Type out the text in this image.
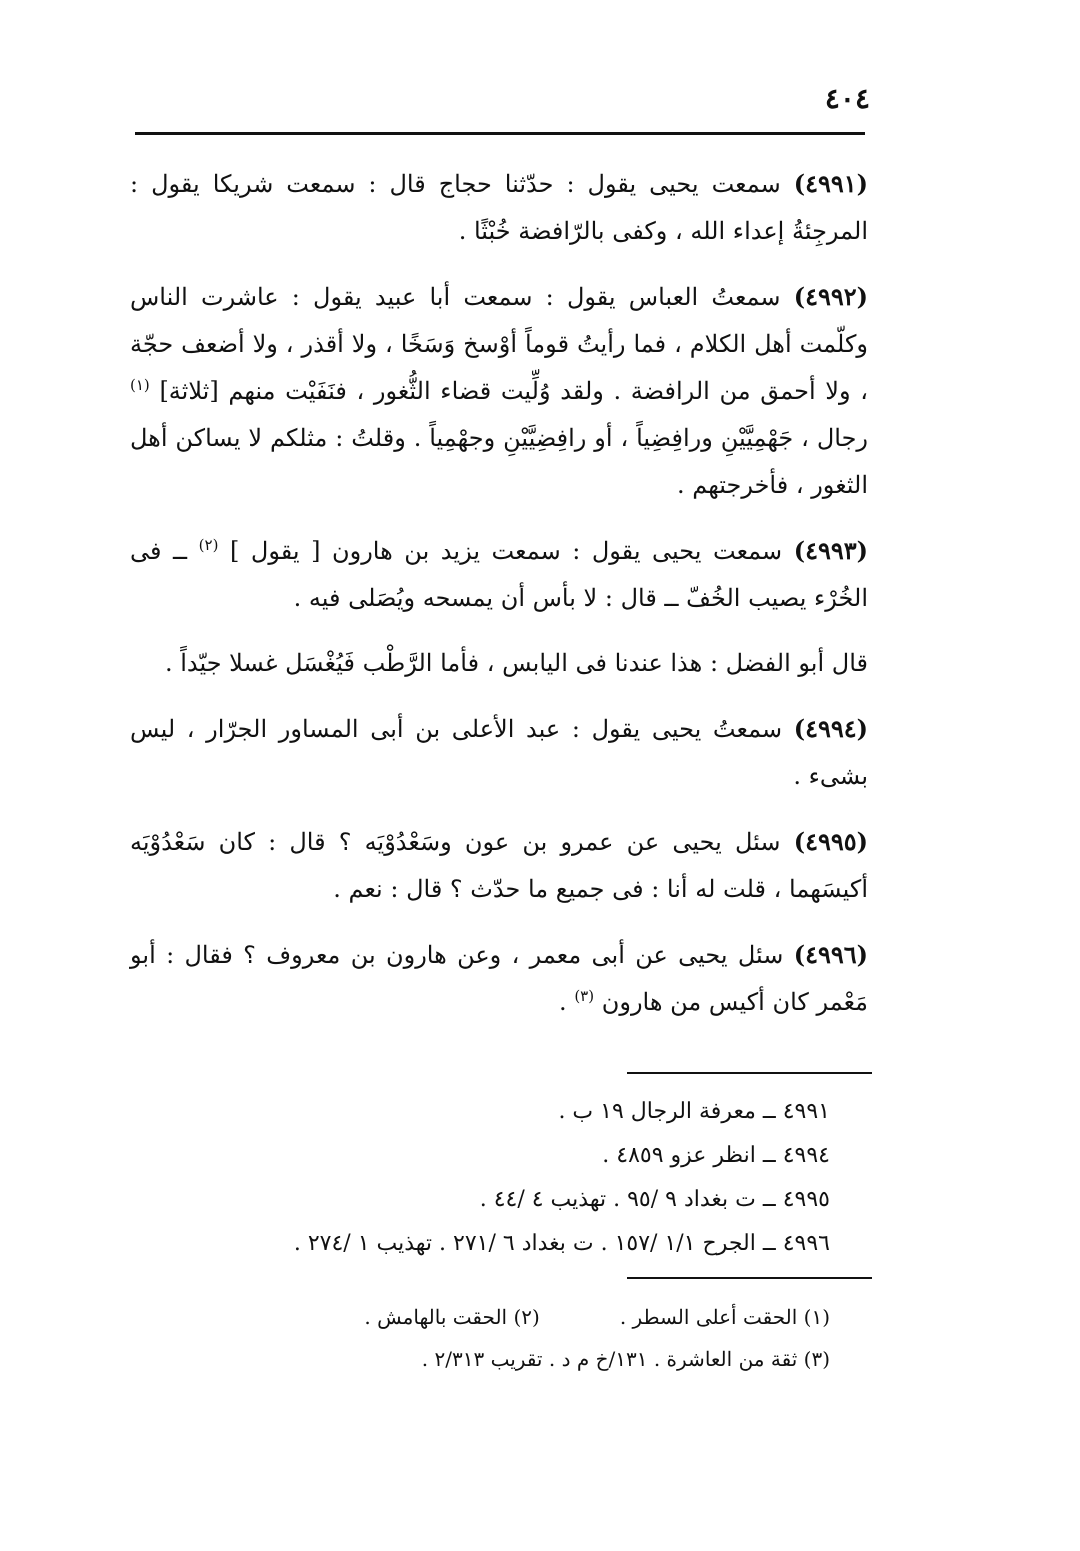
٤٠٤

(٤٩٩١) سمعت يحيى يقول : حدّثنا حجاج قال : سمعت شريكا يقول : المرجِئةُ إعداء الله ، وكفى بالرّافضة خُبْثًا .

(٤٩٩٢) سمعتُ العباس يقول : سمعت أبا عبيد يقول : عاشرت الناس وكلّمت أهل الكلام ، فما رأيتُ قوماً أوْسخ وَسَخًا ، ولا أقذر ، ولا أضعف حجّة ، ولا أحمق من الرافضة . ولقد وُلِّيت قضاء الثُّغور ، فنَفَيْت منهم [ثلاثة] $^{(١)}$ رجال ، جَهْمِيَّيْنِ ورافِضِياً ، أو رافِضِيَّيْنِ وجهْمِياً . وقلتُ : مثلكم لا يساكن أهل الثغور ، فأخرجتهم .

(٤٩٩٣) سمعت يحيى يقول : سمعت يزيد بن هارون [ يقول ] $^{(٢)}$ ــ فى الخُرْء يصيب الخُفّ ــ قال : لا بأس أن يمسحه ويُصَلى فيه .

قال أبو الفضل : هذا عندنا فى اليابس ، فأما الرَّطْب فَيُغْسَل غسلا جيّداً .

(٤٩٩٤) سمعتُ يحيى يقول : عبد الأعلى بن أبى المساور الجرّار ، ليس بشىء .

(٤٩٩٥) سئل يحيى عن عمرو بن عون وسَعْدُوْيَه ؟ قال : كان سَعْدُوْيَه أكيسَهما ، قلت له أنا : فى جميع ما حدّث ؟ قال : نعم .

(٤٩٩٦) سئل يحيى عن أبى معمر ، وعن هارون بن معروف ؟ فقال : أبو مَعْمر كان أكيس من هارون $^{(٣)}$ .

٤٩٩١ ــ معرفة الرجال ١٩ ب .
٤٩٩٤ ــ انظر عزو ٤٨٥٩ .
٤٩٩٥ ــ ت بغداد ٩ /٩٥ . تهذيب ٤ /٤٤ .
٤٩٩٦ ــ الجرح ١/١ /١٥٧ . ت بغداد ٦ /٢٧١ . تهذيب ١ /٢٧٤ .
(١) الحقت أعلى السطر .
(٢) الحقت بالهامش .
(٣) ثقة من العاشرة . ١٣١/خ م د . تقريب ٢/٣١٣ .
